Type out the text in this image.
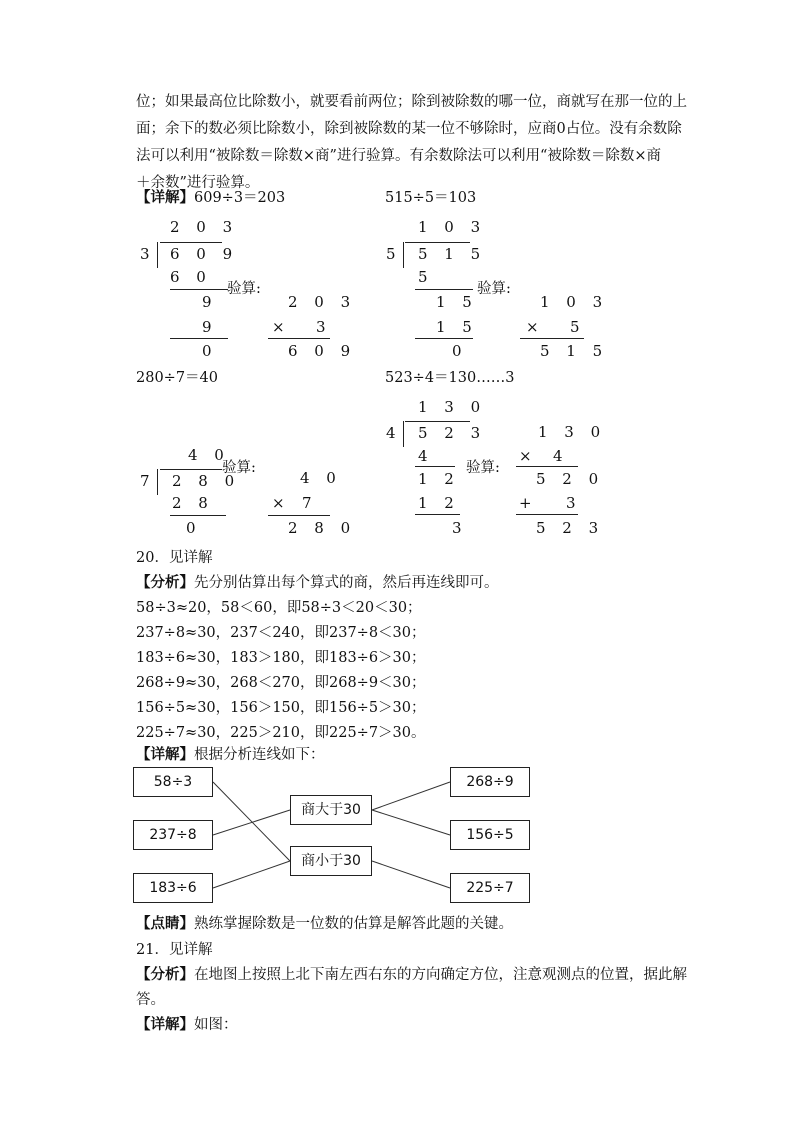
位；如果最高位比除数小，就要看前两位；除到被除数的哪一位，商就写在那一位的上
面；余下的数必须比除数小，除到被除数的某一位不够除时，应商0占位。没有余数除
法可以利用“被除数＝除数×商”进行验算。有余数除法可以利用“被除数＝除数×商
＋余数”进行验算。
【详解】609÷3＝203	515÷5＝103
2 0 3
3 6 0 9
6 0
9
9
0
验算:
2 0 3
× 3
6 0 9
1 0 3
5 5 1 5
5
1 5
1 5
0
验算:
1 0 3
× 5
5 1 5
280÷7＝40	523÷4＝130……3
4 0
7 2 8 0
2 8
0
验算:
4 0
× 7
2 8 0
1 3 0
4 5 2 3
4
1 2
1 2
3
验算:
1 3 0
× 4
5 2 0
+ 3
5 2 3
20．见详解
【分析】先分别估算出每个算式的商，然后再连线即可。
58÷3≈20，58＜60，即58÷3＜20＜30；
237÷8≈30，237＜240，即237÷8＜30；
183÷6≈30，183＞180，即183÷6＞30；
268÷9≈30，268＜270，即268÷9＜30；
156÷5≈30，156＞150，即156÷5＞30；
225÷7≈30，225＞210，即225÷7＞30。
【详解】根据分析连线如下：
58÷3
237÷8
183÷6
商大于30
商小于30
268÷9
156÷5
225÷7
【点睛】熟练掌握除数是一位数的估算是解答此题的关键。
21．见详解
【分析】在地图上按照上北下南左西右东的方向确定方位，注意观测点的位置，据此解
答。
【详解】如图：
